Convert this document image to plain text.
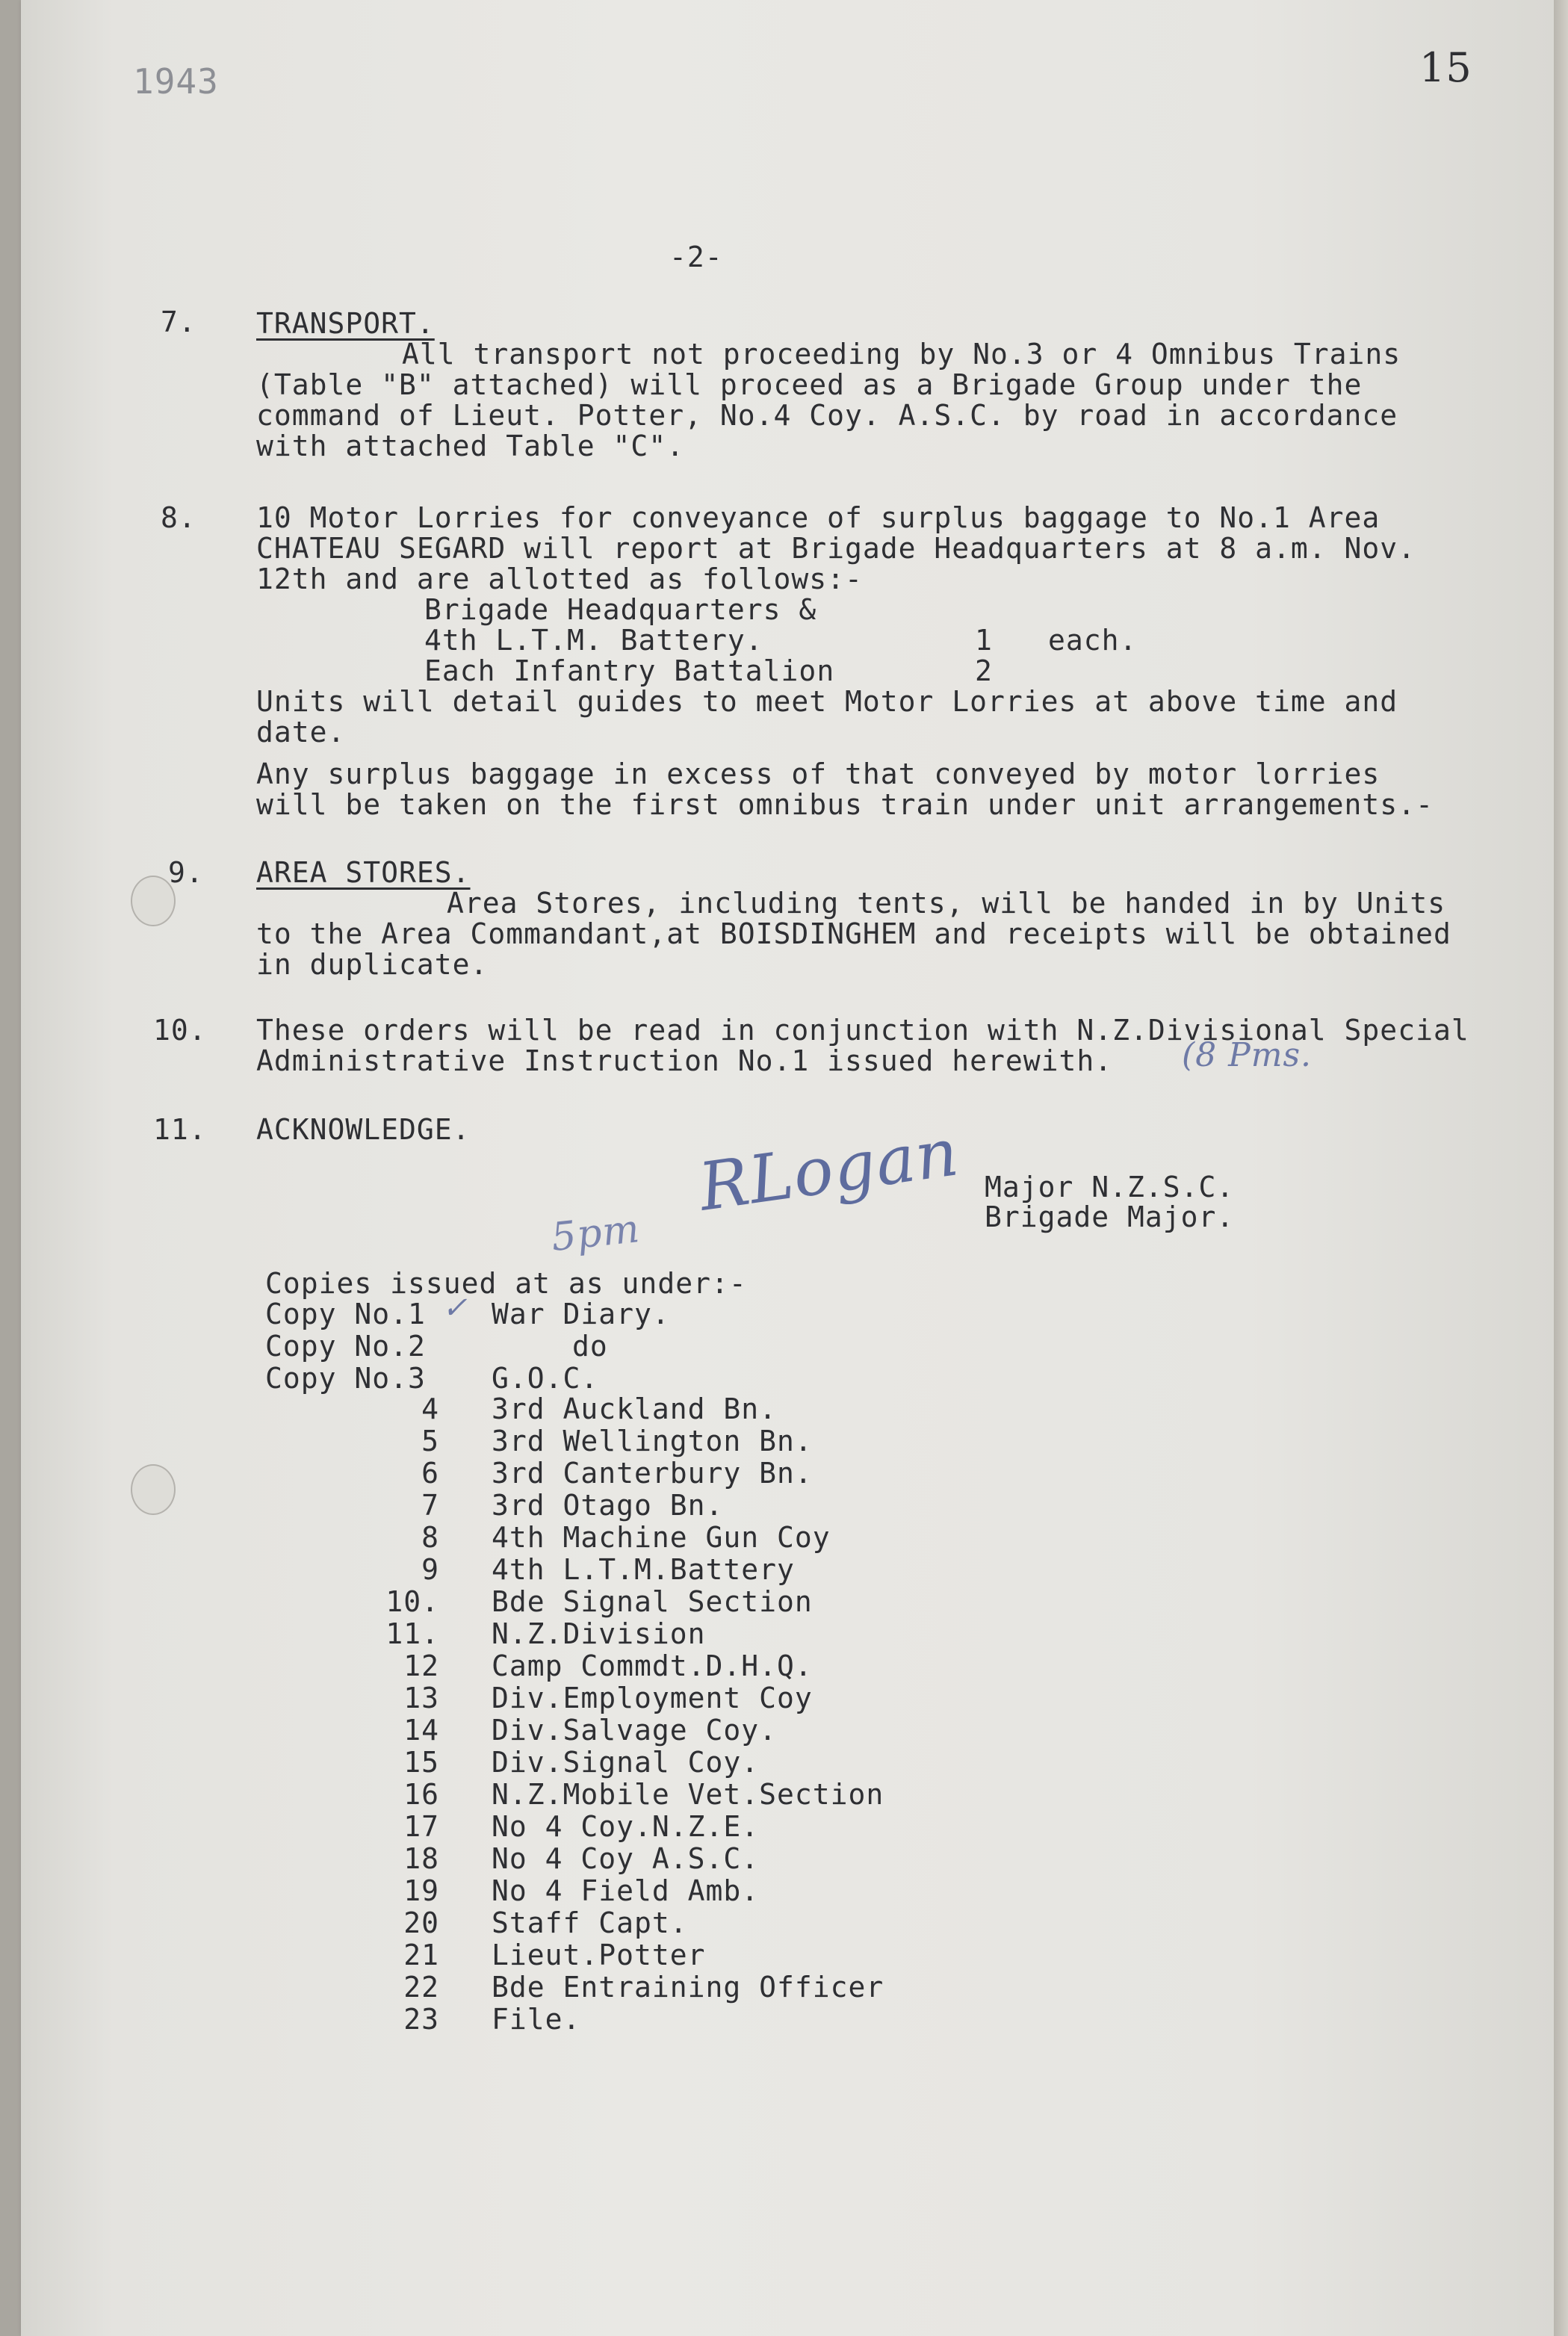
1943	15
-2-
7. TRANSPORT.
All transport not proceeding by No.3 or 4 Omnibus Trains
(Table "B" attached) will proceed as a Brigade Group under the
command of Lieut. Potter, No.4 Coy. A.S.C. by road in accordance
with attached Table "C".
8. 10 Motor Lorries for conveyance of surplus baggage to No.1 Area
CHATEAU SEGARD will report at Brigade Headquarters at 8 a.m. Nov.
12th and are allotted as follows:-
Brigade Headquarters &
4th L.T.M. Battery.	1 each.
Each Infantry Battalion	2
Units will detail guides to meet Motor Lorries at above time and
date.
Any surplus baggage in excess of that conveyed by motor lorries
will be taken on the first omnibus train under unit arrangements.-
9. AREA STORES.
Area Stores, including tents, will be handed in by Units
to the Area Commandant,at BOISDINGHEM and receipts will be obtained
in duplicate.
10. These orders will be read in conjunction with N.Z.Divisional Special
Administrative Instruction No.1 issued herewith. (8 Pms.
11. ACKNOWLEDGE.	RLogan Major N.Z.S.C.
Brigade Major.
5pm
Copies issued at as under:-
✓
Copy No.1 War Diary.
Copy No.2	do
Copy No.3 G.O.C.
4 3rd Auckland Bn.
5 3rd Wellington Bn.
6 3rd Canterbury Bn.
7 3rd Otago Bn.
8 4th Machine Gun Coy
9 4th L.T.M.Battery
10. Bde Signal Section
11. N.Z.Division
12 Camp Commdt.D.H.Q.
13 Div.Employment Coy
14 Div.Salvage Coy.
15 Div.Signal Coy.
16 N.Z.Mobile Vet.Section
17 No 4 Coy.N.Z.E.
18 No 4 Coy A.S.C.
19 No 4 Field Amb.
20 Staff Capt.
21 Lieut.Potter
22 Bde Entraining Officer
23 File.
